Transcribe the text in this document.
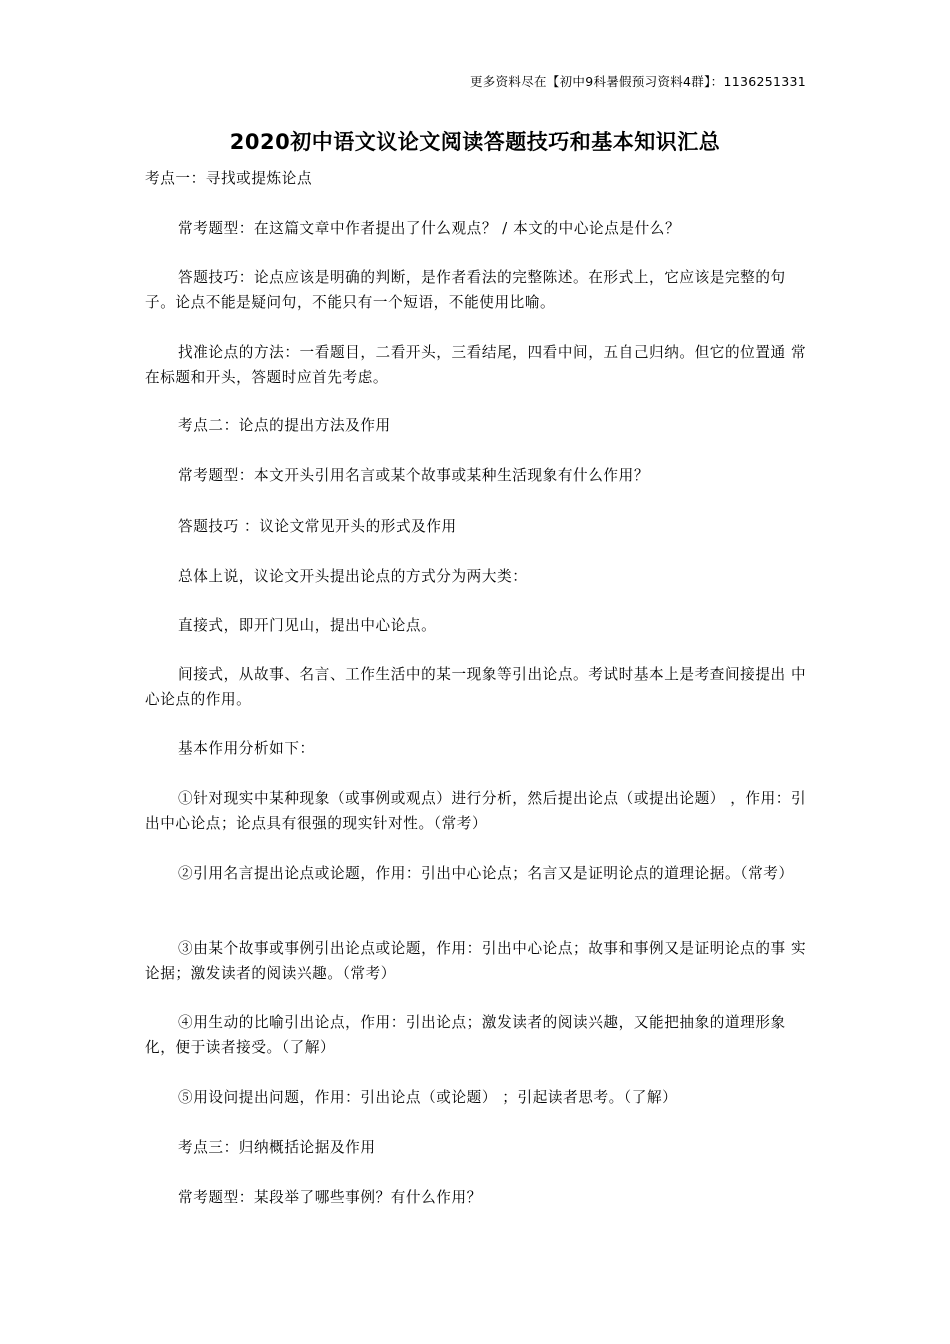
更多资料尽在【初中9科暑假预习资料4群】：1136251331
2020初中语文议论文阅读答题技巧和基本知识汇总

考点一：寻找或提炼论点

常考题型：在这篇文章中作者提出了什么观点？ / 本文的中心论点是什么？

答题技巧：论点应该是明确的判断，是作者看法的完整陈述。在形式上，它应该是完整的句子。论点不能是疑问句，不能只有一个短语，不能使用比喻。

找准论点的方法：一看题目，二看开头，三看结尾，四看中间，五自己归纳。但它的位置通 常在标题和开头，答题时应首先考虑。

考点二：论点的提出方法及作用

常考题型：本文开头引用名言或某个故事或某种生活现象有什么作用？

答题技巧 ：议论文常见开头的形式及作用

总体上说，议论文开头提出论点的方式分为两大类：

直接式，即开门见山，提出中心论点。

间接式，从故事、名言、工作生活中的某一现象等引出论点。考试时基本上是考查间接提出 中心论点的作用。

基本作用分析如下：

①针对现实中某种现象（或事例或观点）进行分析，然后提出论点（或提出论题） ，作用：引出中心论点；论点具有很强的现实针对性。（常考）

②引用名言提出论点或论题，作用：引出中心论点；名言又是证明论点的道理论据。（常考）

③由某个故事或事例引出论点或论题，作用：引出中心论点；故事和事例又是证明论点的事 实论据；激发读者的阅读兴趣。（常考）

④用生动的比喻引出论点，作用：引出论点；激发读者的阅读兴趣，又能把抽象的道理形象 化，便于读者接受。（了解）

⑤用设问提出问题，作用：引出论点（或论题） ；引起读者思考。（了解）

考点三：归纳概括论据及作用

常考题型：某段举了哪些事例？有什么作用？
